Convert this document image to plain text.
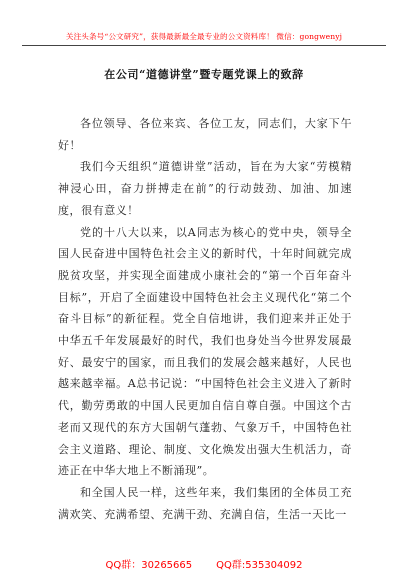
关注头条号“公文研究”，获得最新最全最专业的公文资料库！ 微信：gongwenyj
在公司“道德讲堂”暨专题党课上的致辞

各位领导、各位来宾、各位工友，同志们，大家下午好！

我们今天组织“道德讲堂”活动，旨在为大家“劳模精神浸心田，奋力拼搏走在前”的行动鼓劲、加油、加速度，很有意义！

党的十八大以来，以A同志为核心的党中央，领导全国人民奋进中国特色社会主义的新时代，十年时间就完成脱贫攻坚，并实现全面建成小康社会的“第一个百年奋斗目标”，开启了全面建设中国特色社会主义现代化“第二个奋斗目标”的新征程。党全自信地讲，我们迎来并正处于中华五千年发展最好的时代，我们也身处当今世界发展最好、最安宁的国家，而且我们的发展会越来越好，人民也越来越幸福。A总书记说：“中国特色社会主义进入了新时代，勤劳勇敢的中国人民更加自信自尊自强。中国这个古老而又现代的东方大国朝气蓬勃、气象万千，中国特色社会主义道路、理论、制度、文化焕发出强大生机活力，奇迹正在中华大地上不断涌现”。

和全国人民一样，这些年来，我们集团的全体员工充满欢笑、充满希望、充满干劲、充满自信，生活一天比一

QQ群：30265665 QQ群:535304092
